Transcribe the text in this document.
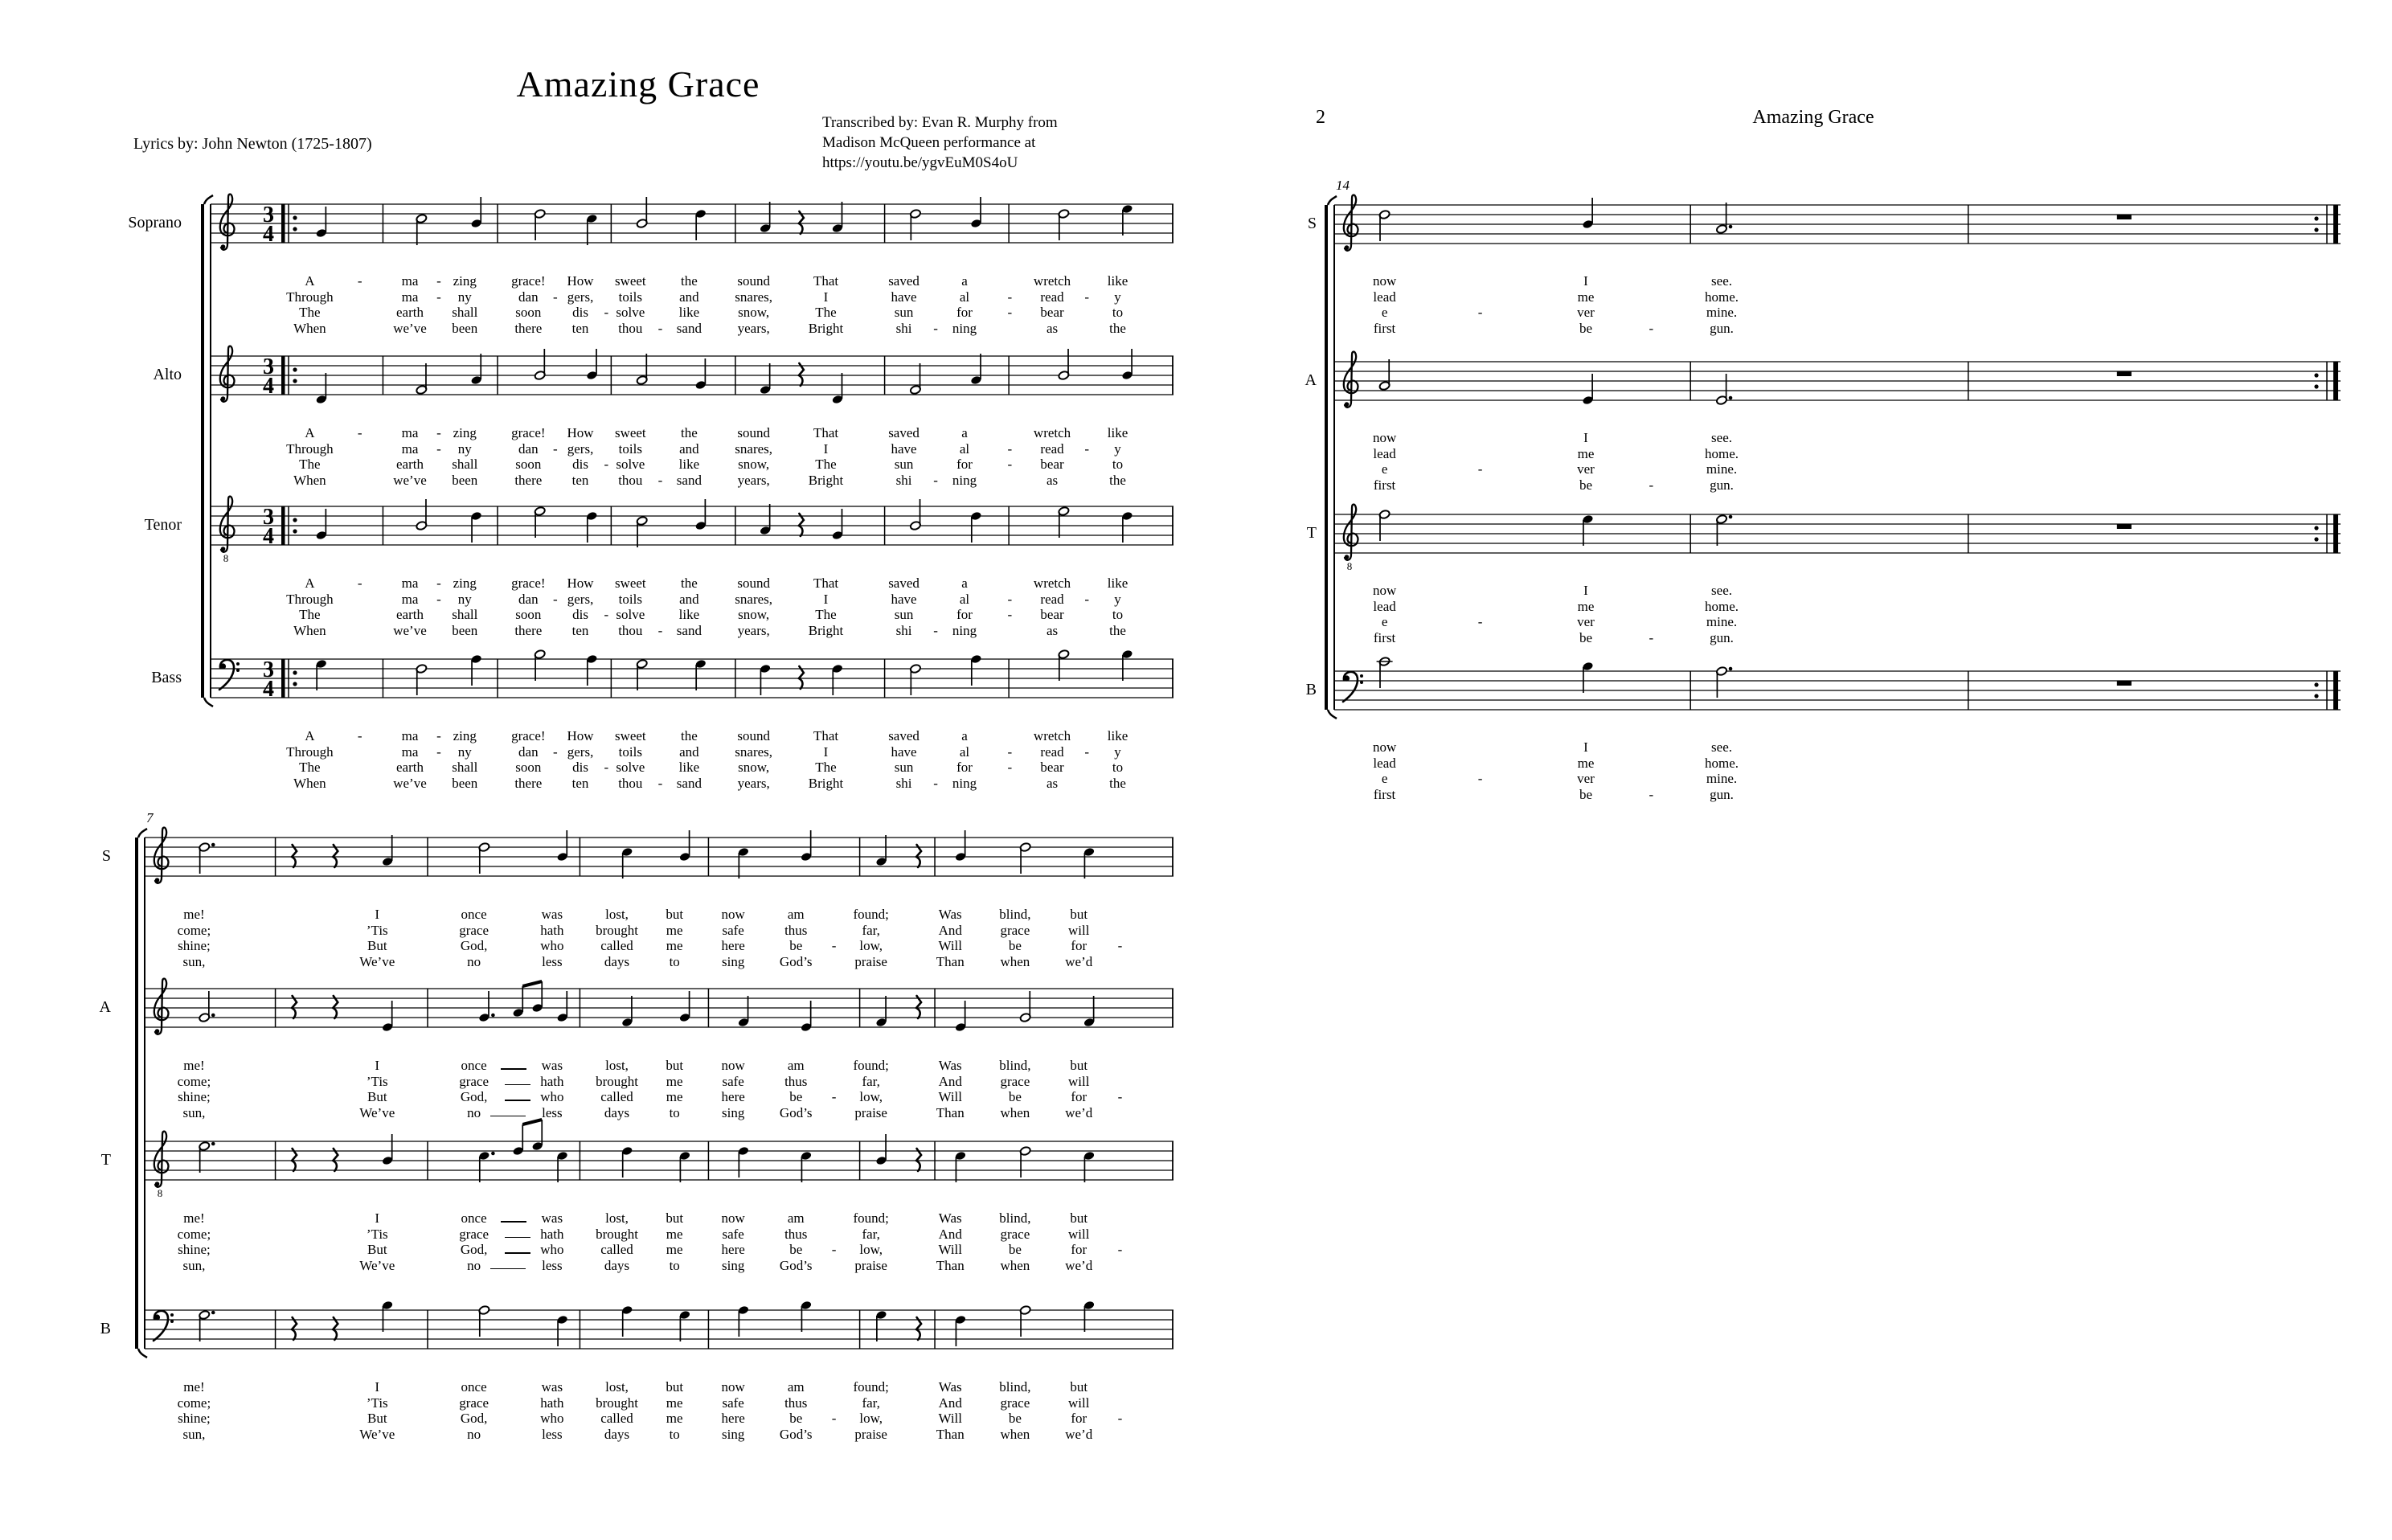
Amazing Grace
Lyrics by: John Newton (1725-1807)
Transcribed by: Evan R. Murphy from
Madison McQueen performance at
https://youtu.be/ygvEuM0S4oU
2	Amazing Grace
Soprano	3
4
A	-	ma - zing	grace! How sweet	the	sound	That	saved	a	wretch	like
Through	ma - ny	dan - gers, toils	and	snares,	I	have	al	- read - y
The	earth shall	soon dis - solve like	snow,	The	sun	for	- bear	to
When	we’ve been	there ten thou - sand	years,	Bright	shi - ning	as	the
Alto	3
4
A	-	ma - zing	grace! How sweet	the	sound	That	saved	a	wretch	like
Through	ma - ny	dan - gers, toils	and	snares,	I	have	al	- read - y
The	earth shall	soon dis - solve like	snow,	The	sun	for	- bear	to
When	we’ve been	there ten thou - sand	years,	Bright	shi - ning	as	the
Tenor
8
3
4
A	-	ma - zing	grace! How sweet	the	sound	That	saved	a	wretch	like
Through	ma - ny	dan - gers, toils	and	snares,	I	have	al	- read - y
The	earth shall	soon dis - solve like	snow,	The	sun	for	- bear	to
When	we’ve been	there ten thou - sand	years,	Bright	shi - ning	as	the
Bass	3
4
A	-	ma - zing	grace! How sweet	the	sound	That	saved	a	wretch	like
Through	ma - ny	dan - gers, toils	and	snares,	I	have	al	- read - y
The	earth shall	soon dis - solve like	snow,	The	sun	for	- bear	to
When	we’ve been	there ten thou - sand	years,	Bright	shi - ning	as	the
7
S
me!	I	once	was	lost,	but	now	am	found;	Was	blind,	but
come;	’Tis	grace	hath brought me	safe	thus	far,	And	grace	will
shine;	But	God,	who	called me	here	be - low,	Will	be	for -
sun,	We’ve	no	less	days	to	sing	God’s	praise	Than	when	we’d
A
me!	I	once	was	lost,	but	now	am	found;	Was	blind,	but
come;	’Tis	grace	hath brought me	safe	thus	far,	And	grace	will
shine;	But	God,	who	called me	here	be - low,	Will	be	for -
sun,	We’ve	no	less	days	to	sing	God’s	praise	Than	when	we’d
T
8
me!	I	once	was	lost,	but	now	am	found;	Was	blind,	but
come;	’Tis	grace	hath brought me	safe	thus	far,	And	grace	will
shine;	But	God,	who	called me	here	be - low,	Will	be	for -
sun,	We’ve	no	less	days	to	sing	God’s	praise	Than	when	we’d
B
me!	I	once	was	lost,	but	now	am	found;	Was	blind,	but
come;	’Tis	grace	hath brought me	safe	thus	far,	And	grace	will
shine;	But	God,	who	called me	here	be - low,	Will	be	for -
sun,	We’ve	no	less	days	to	sing	God’s	praise	Than	when	we’d
14
S
now	I	see.
lead	me	home.
e	-	ver	mine.
first	be	-	gun.
A
now	I	see.
lead	me	home.
e	-	ver	mine.
first	be	-	gun.
T
8
now	I	see.
lead	me	home.
e	-	ver	mine.
first	be	-	gun.
B
now	I	see.
lead	me	home.
e	-	ver	mine.
first	be	-	gun.
